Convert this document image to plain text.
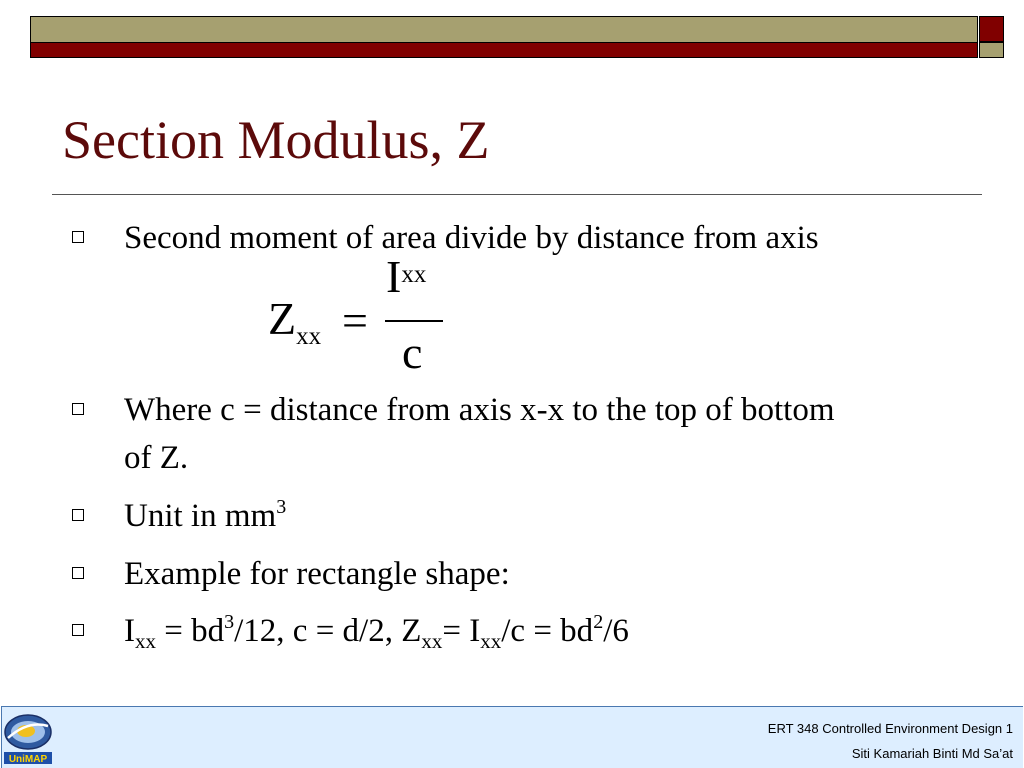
Section Modulus, Z
Second moment of area divide by distance from axis
$Z_{xx}$ =
$I_{xx}$
c
Where c = distance from axis x-x to the top of bottom
of Z.
Unit in $mm^3$
Example for rectangle shape:
$I_{xx} = bd^3/12$, c = d/2, $Z_{xx}= I_{xx}/c = bd^2/6$
UniMAP
ERT 348 Controlled Environment Design 1
Siti Kamariah Binti Md Sa’at
